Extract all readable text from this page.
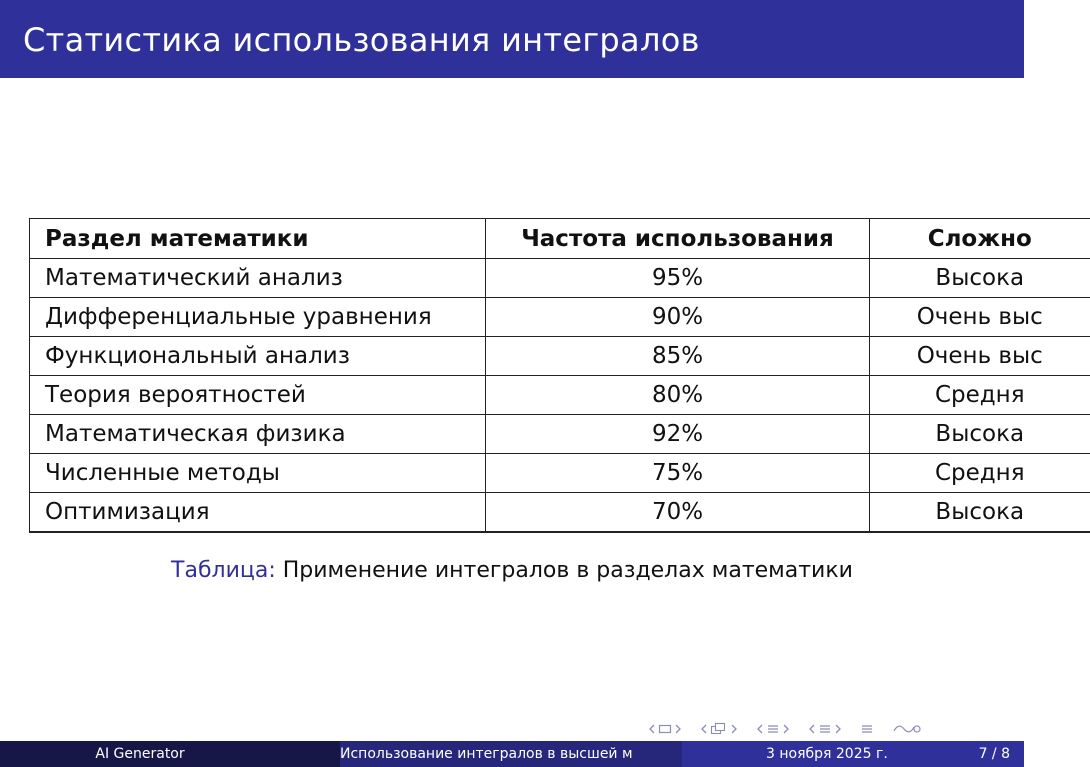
Статистика использования интегралов
Раздел математики	Частота использования	Сложно
Математический анализ	95%	Высока
Дифференциальные уравнения	90%	Очень выс
Функциональный анализ	85%	Очень выс
Теория вероятностей	80%	Средня
Математическая физика	92%	Высока
Численные методы	75%	Средня
Оптимизация	70%	Высока
Таблица: Применение интегралов в разделах математики
AI Generator	Использование интегралов в высшей м	3 ноября 2025 г.	7 / 8
